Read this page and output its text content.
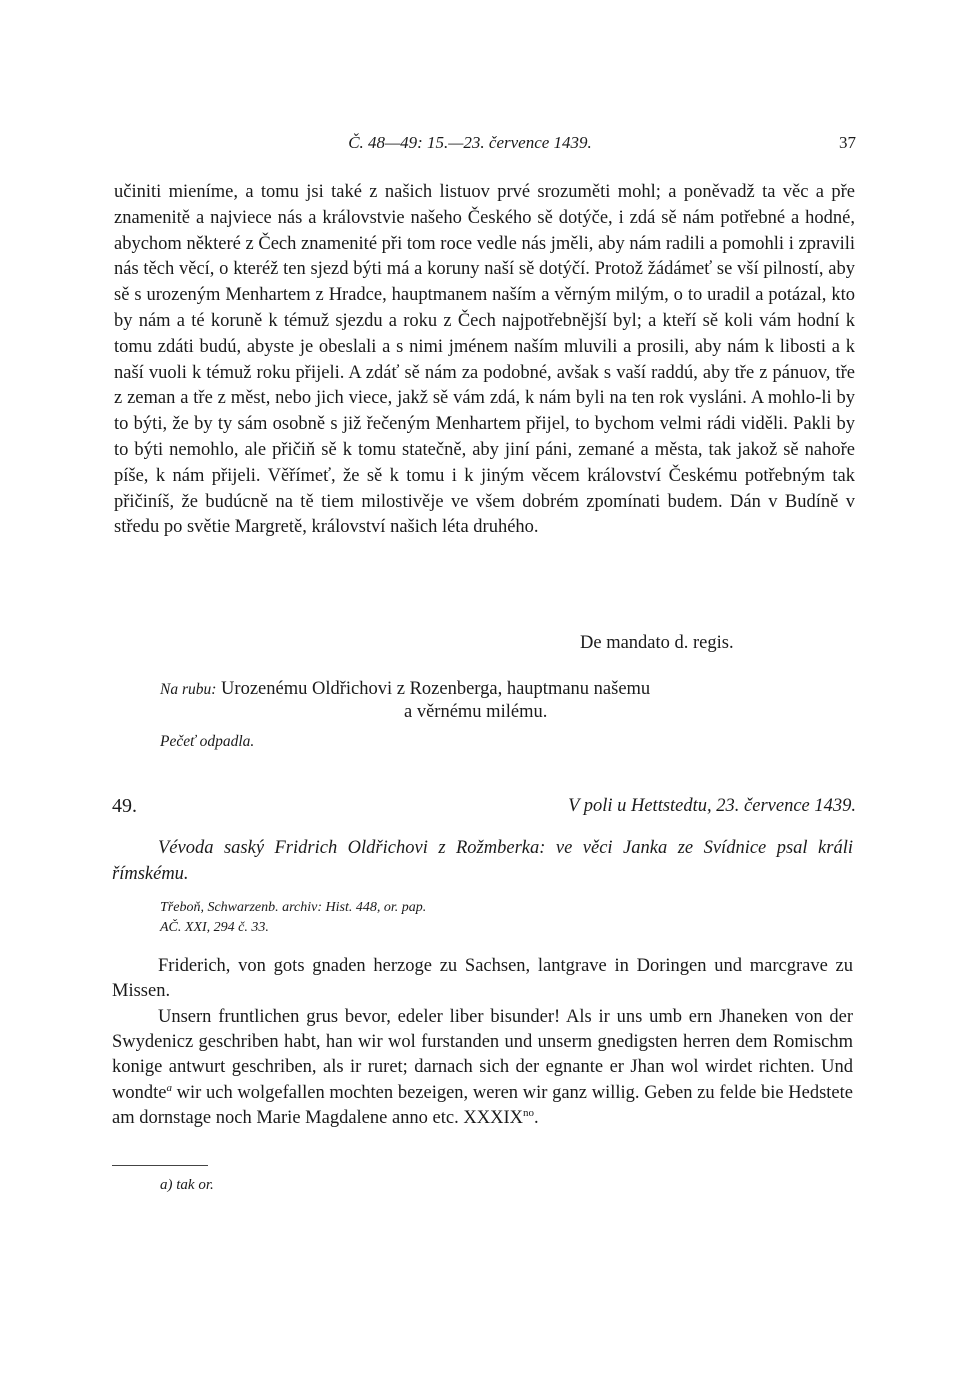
Č. 48—49: 15.—23. července 1439.	37

učiniti mieníme, a tomu jsi také z našich listuov prvé srozuměti mohl; a poněvadž ta věc a pře znamenitě a najviece nás a královstvie našeho Českého sě dotýče, i zdá sě nám potřebné a hodné, abychom některé z Čech znamenité při tom roce vedle nás jměli, aby nám radili a pomohli i zpravili nás těch věcí, o kteréž ten sjezd býti má a koruny naší sě dotýčí. Protož žádámeť se vší pilností, aby sě s urozeným Menhartem z Hradce, hauptmanem naším a věrným milým, o to uradil a potázal, kto by nám a té koruně k témuž sjezdu a roku z Čech najpotřebnější byl; a kteří sě koli vám hodní k tomu zdáti budú, abyste je obeslali a s nimi jménem naším mluvili a prosili, aby nám k libosti a k naší vuoli k témuž roku přijeli. A zdáť sě nám za podobné, avšak s vaší raddú, aby tře z pánuov, tře z zeman a tře z měst, nebo jich viece, jakž sě vám zdá, k nám byli na ten rok vysláni. A mohlo-li by to býti, že by ty sám osobně s již řečeným Menhartem přijel, to bychom velmi rádi viděli. Pakli by to býti nemohlo, ale přičiň sě k tomu statečně, aby jiní páni, zemané a města, tak jakož sě nahoře píše, k nám přijeli. Věřímeť, že sě k tomu i k jiným věcem království Českému potřebným tak přičiníš, že budúcně na tě tiem milostivěje ve všem dobrém zpomínati budem. Dán v Budíně v středu po světie Margretě, království našich léta druhého.

De mandato d. regis.
Na rubu: Urozenému Oldřichovi z Rozenberga, hauptmanu našemu
a věrnému milému.
Pečeť odpadla.
49.	V poli u Hettstedtu, 23. července 1439.

Vévoda saský Fridrich Oldřichovi z Rožmberka: ve věci Janka ze Svídnice psal králi římskému.

Třeboň, Schwarzenb. archiv: Hist. 448, or. pap.
AČ. XXI, 294 č. 33.

Friderich, von gots gnaden herzoge zu Sachsen, lantgrave in Doringen und marcgrave zu Missen.

Unsern fruntlichen grus bevor, edeler liber bisunder! Als ir uns umb ern Jhaneken von der Swydenicz geschriben habt, han wir wol furstanden und unserm gnedigsten herren dem Romischm konige antwurt geschriben, als ir ruret; darnach sich der egnante er Jhan wol wirdet richten. Und wondte$^a$ wir uch wolgefallen mochten bezeigen, weren wir ganz willig. Geben zu felde bie Hedstete am dornstage noch Marie Magdalene anno etc. $XXXIX^{no}$.

a) tak or.
